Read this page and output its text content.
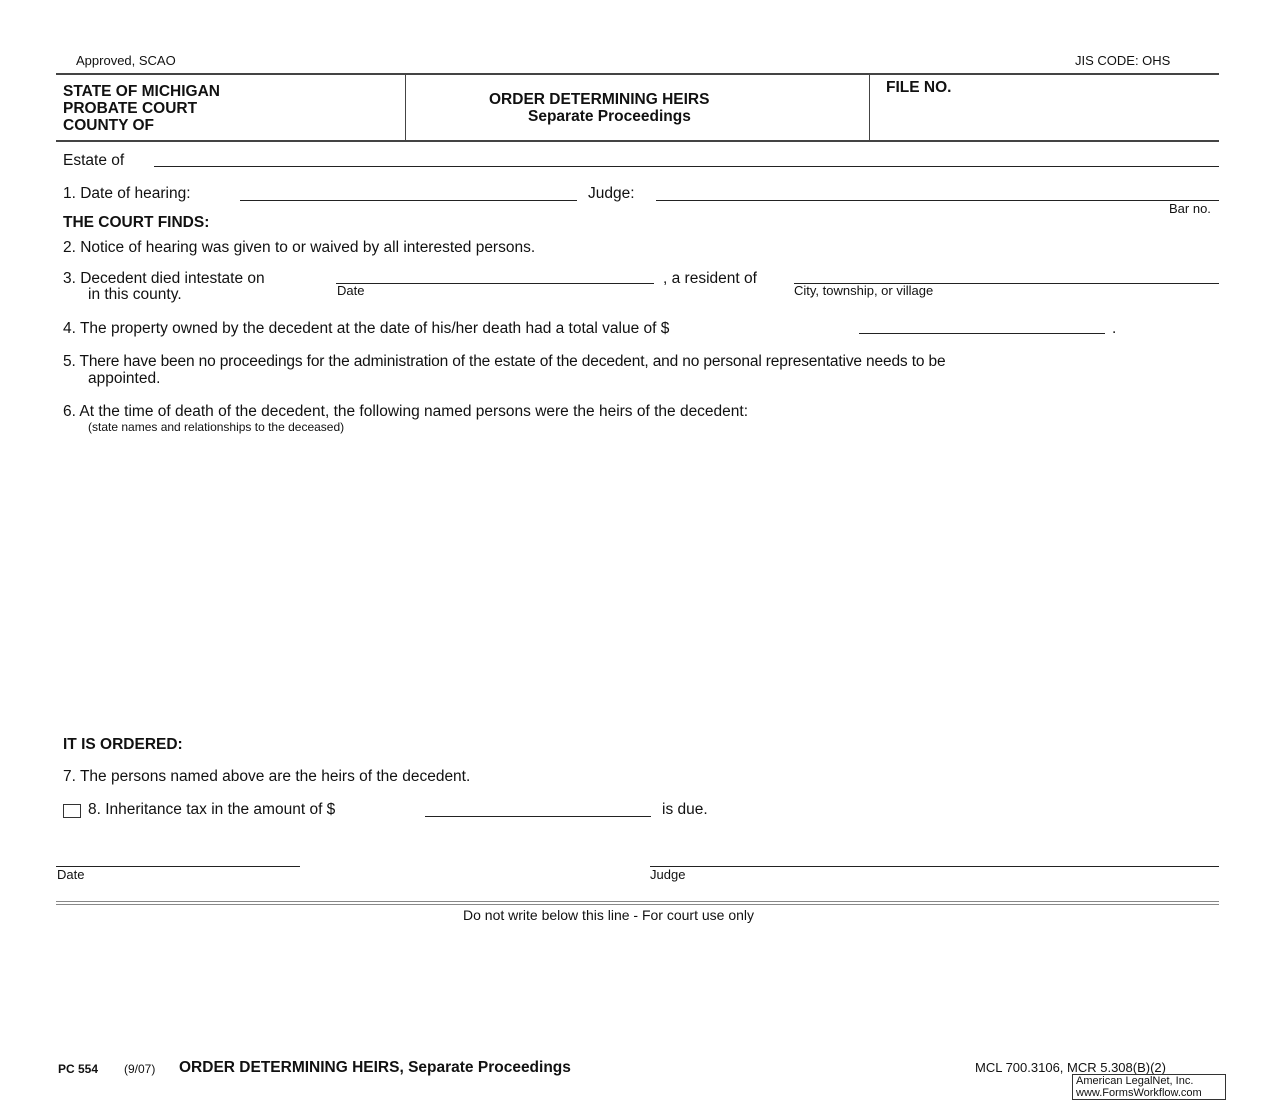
Approved, SCAO	JIS CODE: OHS
STATE OF MICHIGAN
PROBATE COURT
COUNTY OF
ORDER DETERMINING HEIRS
Separate Proceedings
FILE NO.
Estate of
1. Date of hearing:	Judge:
Bar no.
THE COURT FINDS:
2. Notice of hearing was given to or waived by all interested persons.
3. Decedent died intestate on
Date
, a resident of
City, township, or village
in this county.
4. The property owned by the decedent at the date of his/her death had a total value of $	.
5. There have been no proceedings for the administration of the estate of the decedent, and no personal representative needs to be
appointed.
6. At the time of death of the decedent, the following named persons were the heirs of the decedent:
(state names and relationships to the deceased)
IT IS ORDERED:
7. The persons named above are the heirs of the decedent.
8. Inheritance tax in the amount of $	is due.
Date	Judge
Do not write below this line - For court use only
PC 554 (9/07) ORDER DETERMINING HEIRS, Separate Proceedings	MCL 700.3106, MCR 5.308(B)(2)
American LegalNet, Inc.
www.FormsWorkflow.com
